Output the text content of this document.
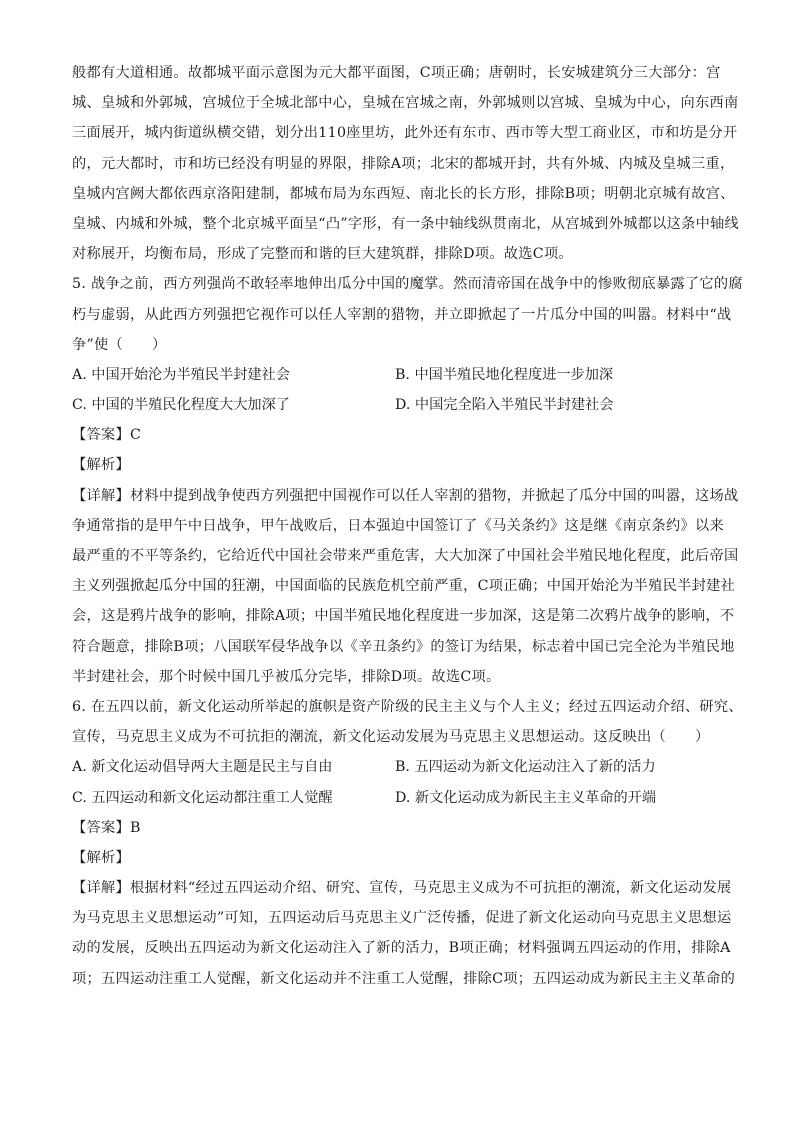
般都有大道相通。故都城平面示意图为元大都平面图，C项正确；唐朝时，长安城建筑分三大部分：宫
城、皇城和外郭城，宫城位于全城北部中心，皇城在宫城之南，外郭城则以宫城、皇城为中心，向东西南
三面展开，城内街道纵横交错，划分出110座里坊，此外还有东市、西市等大型工商业区，市和坊是分开
的，元大都时，市和坊已经没有明显的界限，排除A项；北宋的都城开封，共有外城、内城及皇城三重，
皇城内宫阙大都依西京洛阳建制，都城布局为东西短、南北长的长方形，排除B项；明朝北京城有故宫、
皇城、内城和外城，整个北京城平面呈“凸”字形，有一条中轴线纵贯南北，从宫城到外城都以这条中轴线
对称展开，均衡布局，形成了完整而和谐的巨大建筑群，排除D项。故选C项。
5. 战争之前，西方列强尚不敢轻率地伸出瓜分中国的魔掌。然而清帝国在战争中的惨败彻底暴露了它的腐
朽与虚弱，从此西方列强把它视作可以任人宰割的猎物，并立即掀起了一片瓜分中国的叫嚣。材料中“战
争”使（　　）
A. 中国开始沦为半殖民半封建社会	B. 中国半殖民地化程度进一步加深
C. 中国的半殖民化程度大大加深了	D. 中国完全陷入半殖民半封建社会
【答案】C
【解析】
【详解】材料中提到战争使西方列强把中国视作可以任人宰割的猎物，并掀起了瓜分中国的叫嚣，这场战
争通常指的是甲午中日战争，甲午战败后，日本强迫中国签订了《马关条约》这是继《南京条约》以来
最严重的不平等条约，它给近代中国社会带来严重危害，大大加深了中国社会半殖民地化程度，此后帝国
主义列强掀起瓜分中国的狂潮，中国面临的民族危机空前严重，C项正确；中国开始沦为半殖民半封建社
会，这是鸦片战争的影响，排除A项；中国半殖民地化程度进一步加深，这是第二次鸦片战争的影响，不
符合题意，排除B项；八国联军侵华战争以《辛丑条约》的签订为结果，标志着中国已完全沦为半殖民地
半封建社会，那个时候中国几乎被瓜分完毕，排除D项。故选C项。
6. 在五四以前，新文化运动所举起的旗帜是资产阶级的民主主义与个人主义；经过五四运动介绍、研究、
宣传，马克思主义成为不可抗拒的潮流，新文化运动发展为马克思主义思想运动。这反映出（　　）
A. 新文化运动倡导两大主题是民主与自由	B. 五四运动为新文化运动注入了新的活力
C. 五四运动和新文化运动都注重工人觉醒	D. 新文化运动成为新民主主义革命的开端
【答案】B
【解析】
【详解】根据材料“经过五四运动介绍、研究、宣传，马克思主义成为不可抗拒的潮流，新文化运动发展
为马克思主义思想运动”可知，五四运动后马克思主义广泛传播，促进了新文化运动向马克思主义思想运
动的发展，反映出五四运动为新文化运动注入了新的活力，B项正确；材料强调五四运动的作用，排除A
项；五四运动注重工人觉醒，新文化运动并不注重工人觉醒，排除C项；五四运动成为新民主主义革命的
